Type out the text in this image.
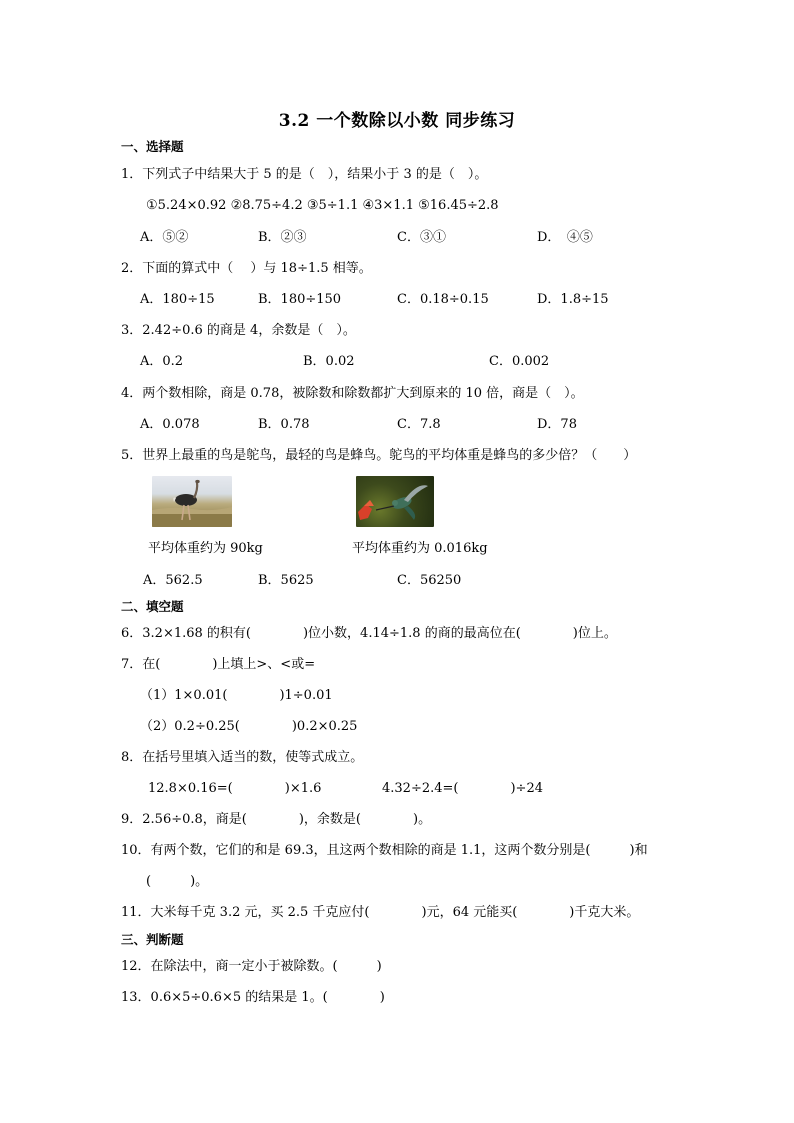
3.2 一个数除以小数 同步练习
一、选择题
1．下列式子中结果大于 5 的是（　），结果小于 3 的是（　）。
①5.24×0.92 ②8.75÷4.2 ③5÷1.1 ④3×1.1 ⑤16.45÷2.8
A．⑤②	B．②③	C．③①	D．　④⑤
2．下面的算式中（　 ）与 18÷1.5 相等。
A．180÷15	B．180÷150	C．0.18÷0.15	D．1.8÷15
3．2.42÷0.6 的商是 4，余数是（　）。
A．0.2	B．0.02	C．0.002
4．两个数相除，商是 0.78，被除数和除数都扩大到原来的 10 倍，商是（　）。
A．0.078	B．0.78	C．7.8	D．78
5．世界上最重的鸟是鸵鸟，最轻的鸟是蜂鸟。鸵鸟的平均体重是蜂鸟的多少倍？（　　）
平均体重约为 90kg	平均体重约为 0.016kg
A．562.5	B．5625	C．56250
二、填空题
6．3.2×1.68 的积有(　　　　)位小数，4.14÷1.8 的商的最高位在(　　　　)位上。
7．在(　　　　)上填上>、<或=
（1）1×0.01(　　　　)1÷0.01
（2）0.2÷0.25(　　　　)0.2×0.25
8．在括号里填入适当的数，使等式成立。
12.8×0.16=(　　　　)×1.6	4.32÷2.4=(　　　　)÷24
9．2.56÷0.8，商是(　　　　)，余数是(　　　　)。
10．有两个数，它们的和是 69.3，且这两个数相除的商是 1.1，这两个数分别是(　　　)和
(　　　)。
11．大米每千克 3.2 元，买 2.5 千克应付(　　　　)元，64 元能买(　　　　)千克大米。
三、判断题
12．在除法中，商一定小于被除数。(　　　)
13．0.6×5÷0.6×5 的结果是 1。(　　　　)
